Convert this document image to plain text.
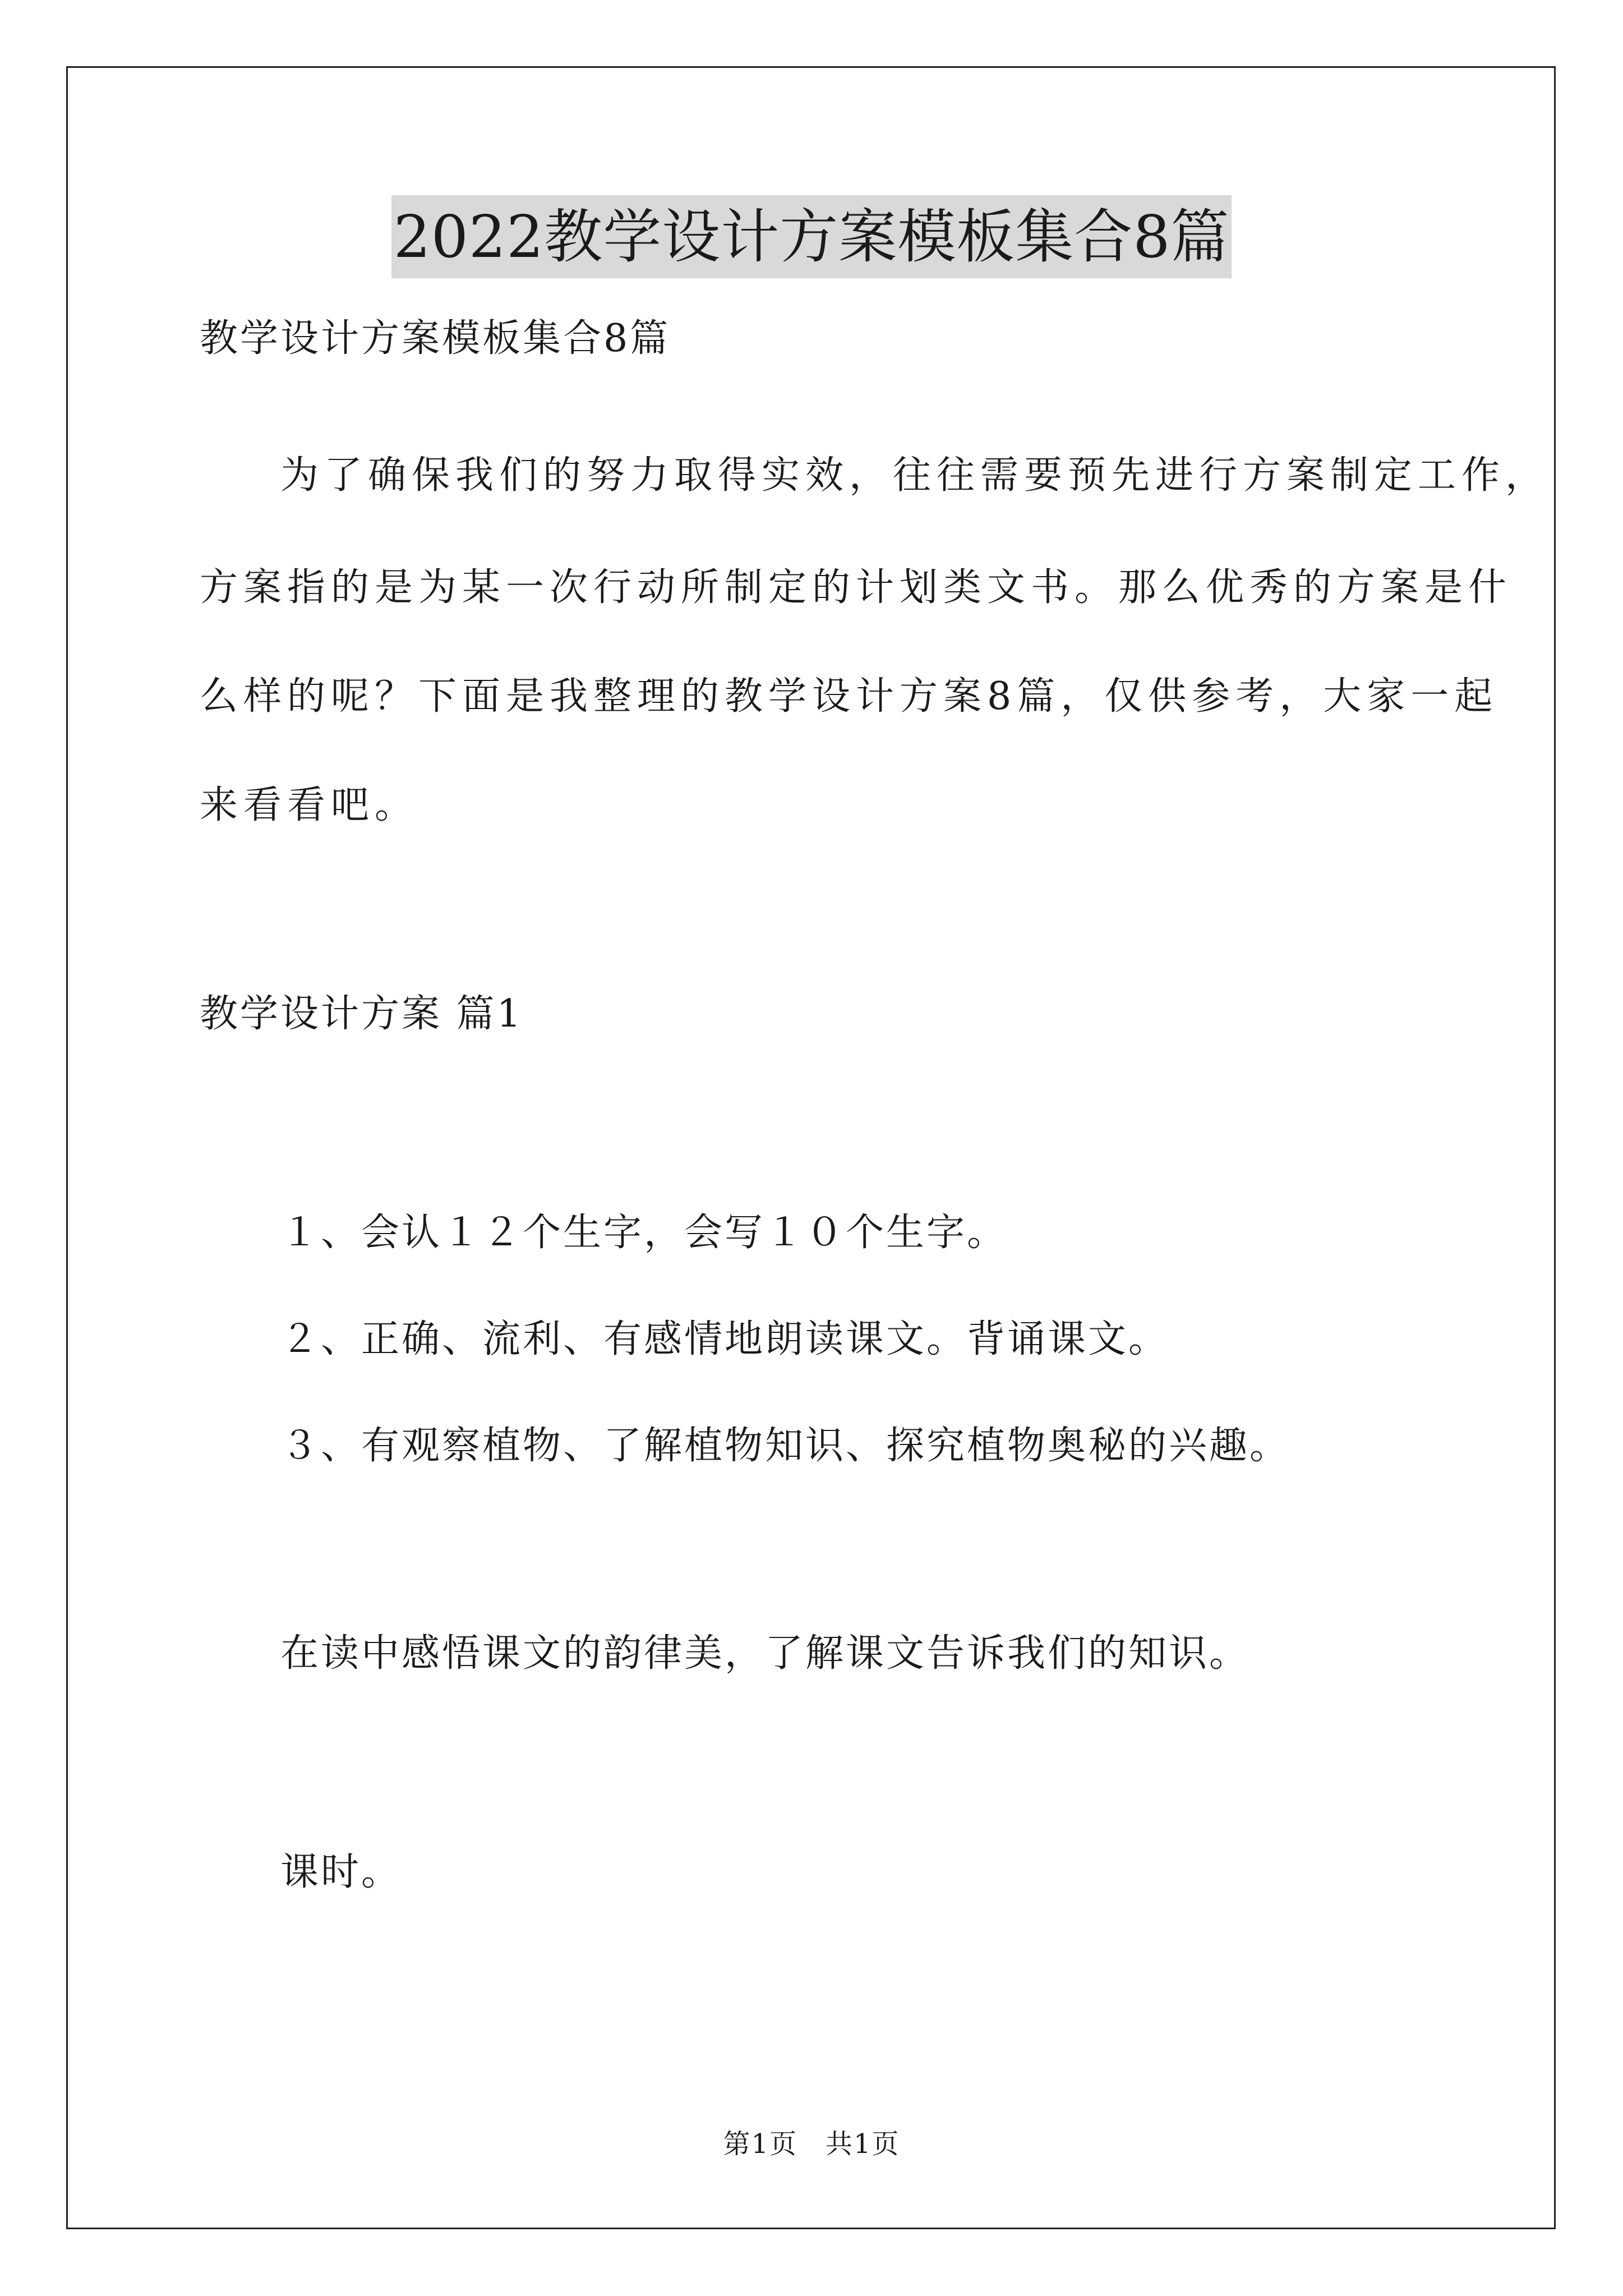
2022教学设计方案模板集合8篇
教学设计方案模板集合8篇
为了确保我们的努力取得实效，往往需要预先进行方案制定工作，
方案指的是为某一次行动所制定的计划类文书。那么优秀的方案是什
么样的呢？下面是我整理的教学设计方案8篇，仅供参考，大家一起
来看看吧。
教学设计方案 篇1
１、会认１２个生字，会写１０个生字。
２、正确、流利、有感情地朗读课文。背诵课文。
３、有观察植物、了解植物知识、探究植物奥秘的兴趣。
在读中感悟课文的韵律美，了解课文告诉我们的知识。
课时。
第1页　共1页
